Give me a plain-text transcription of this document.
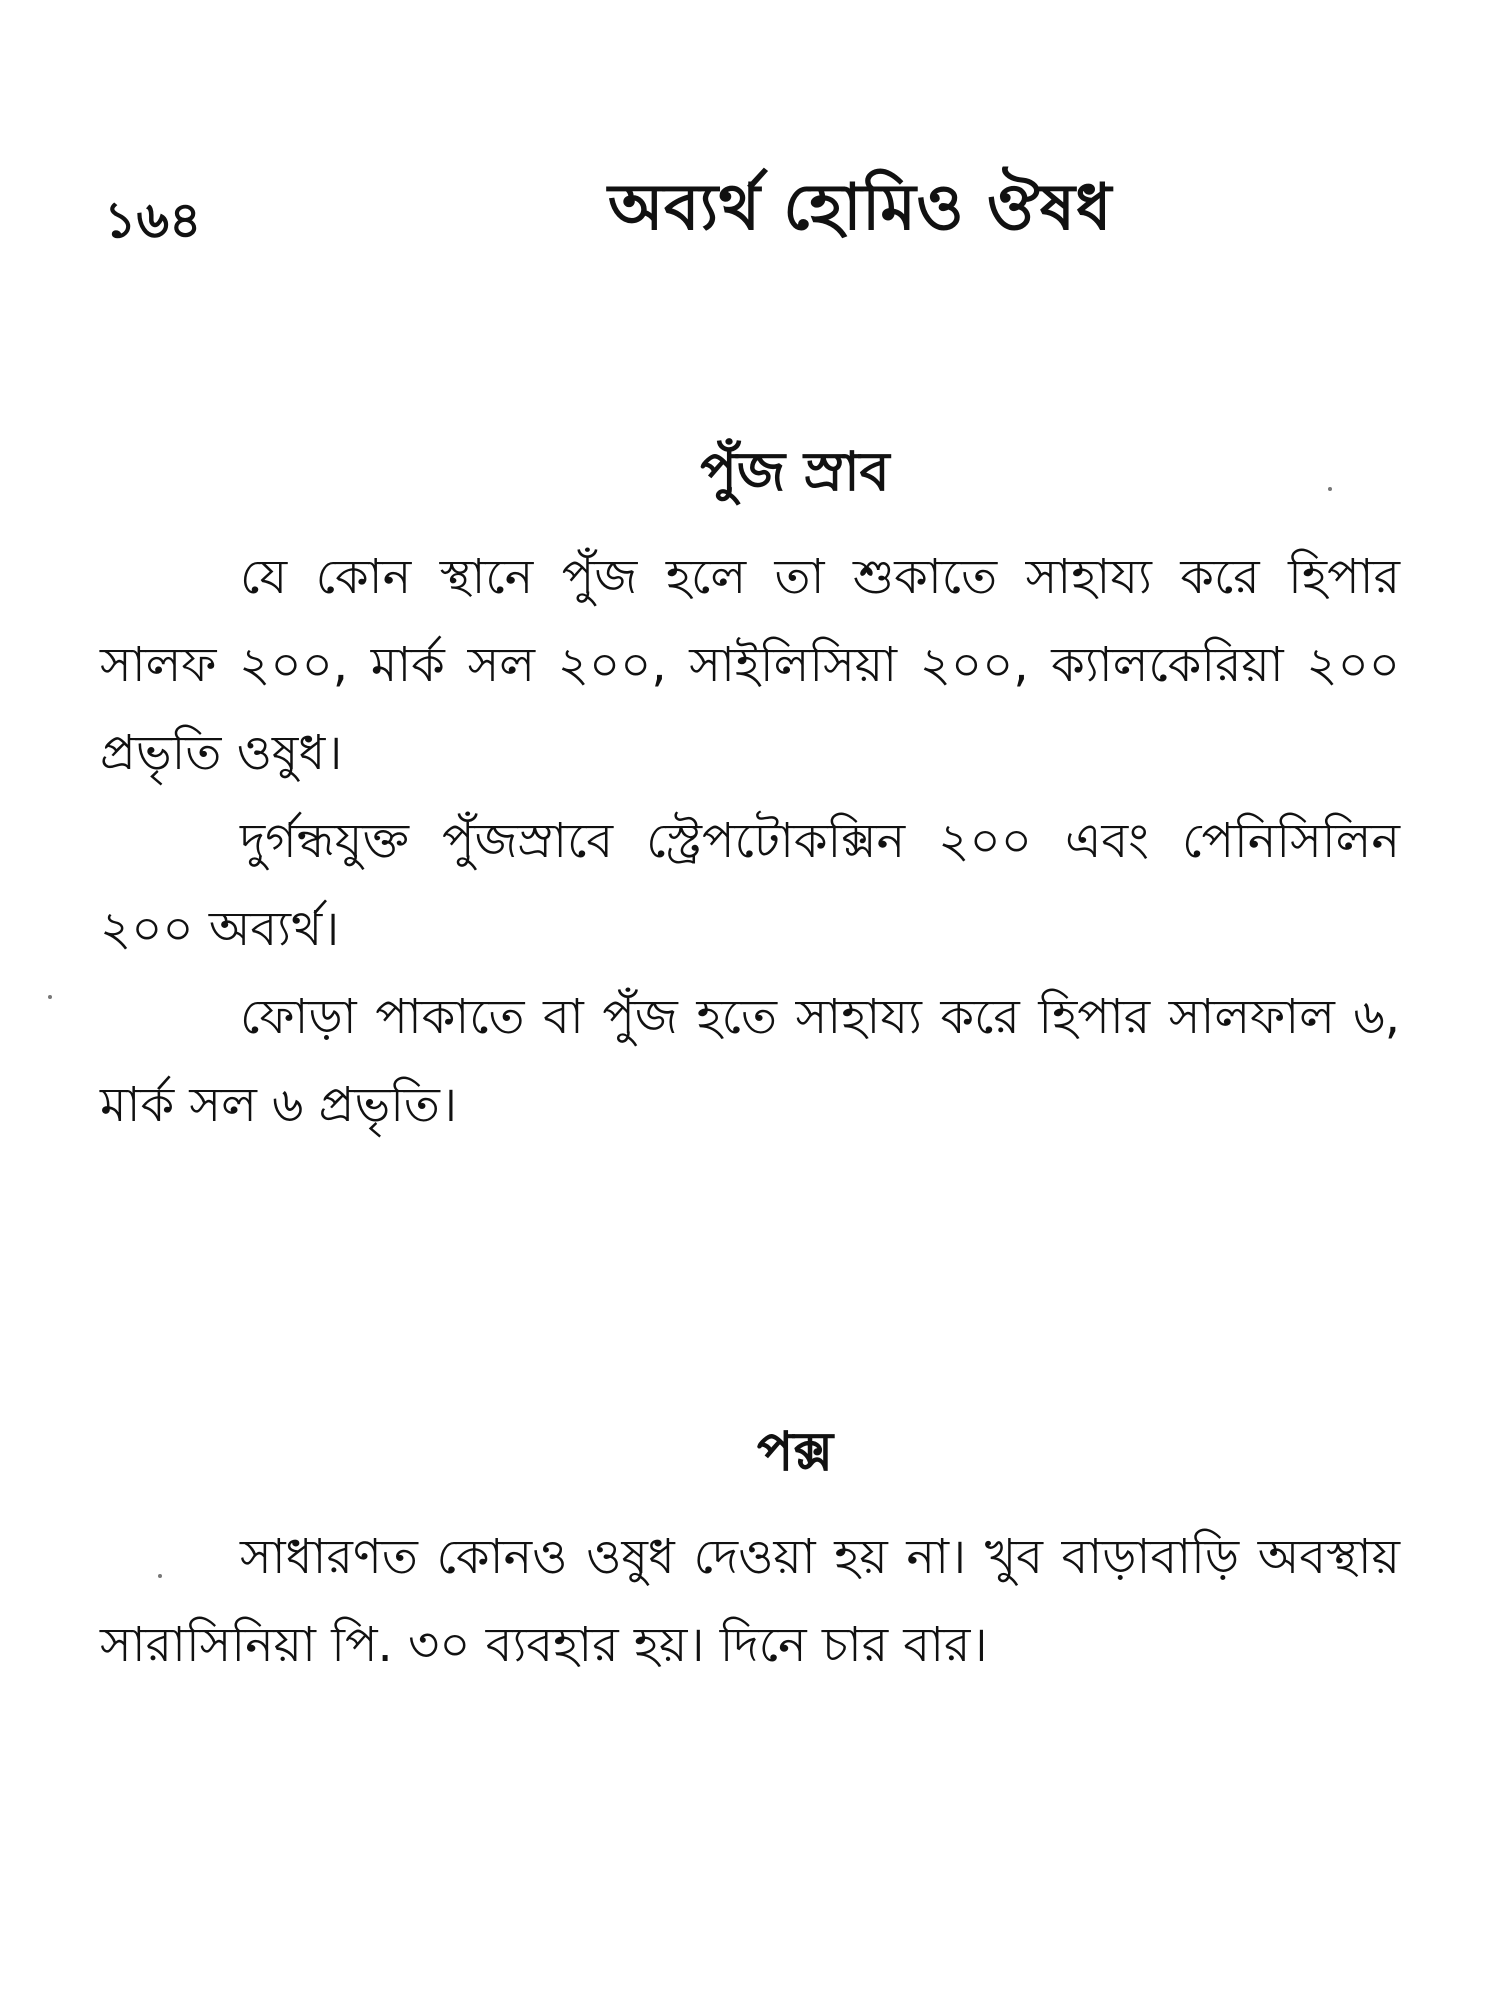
১৬৪	অব্যর্থ হোমিও ঔষধ
পুঁজ স্রাব

যে কোন স্থানে পুঁজ হলে তা শুকাতে সাহায্য করে হিপার সালফ ২০০, মার্ক সল ২০০, সাইলিসিয়া ২০০, ক্যালকেরিয়া ২০০ প্রভৃতি ওষুধ।

দুর্গন্ধযুক্ত পুঁজস্রাবে স্ট্রেপটোকক্সিন ২০০ এবং পেনিসিলিন ২০০ অব্যর্থ।

ফোড়া পাকাতে বা পুঁজ হতে সাহায্য করে হিপার সালফাল ৬, মার্ক সল ৬ প্রভৃতি।

পক্স

সাধারণত কোনও ওষুধ দেওয়া হয় না। খুব বাড়াবাড়ি অবস্থায় সারাসিনিয়া পি. ৩০ ব্যবহার হয়। দিনে চার বার।
